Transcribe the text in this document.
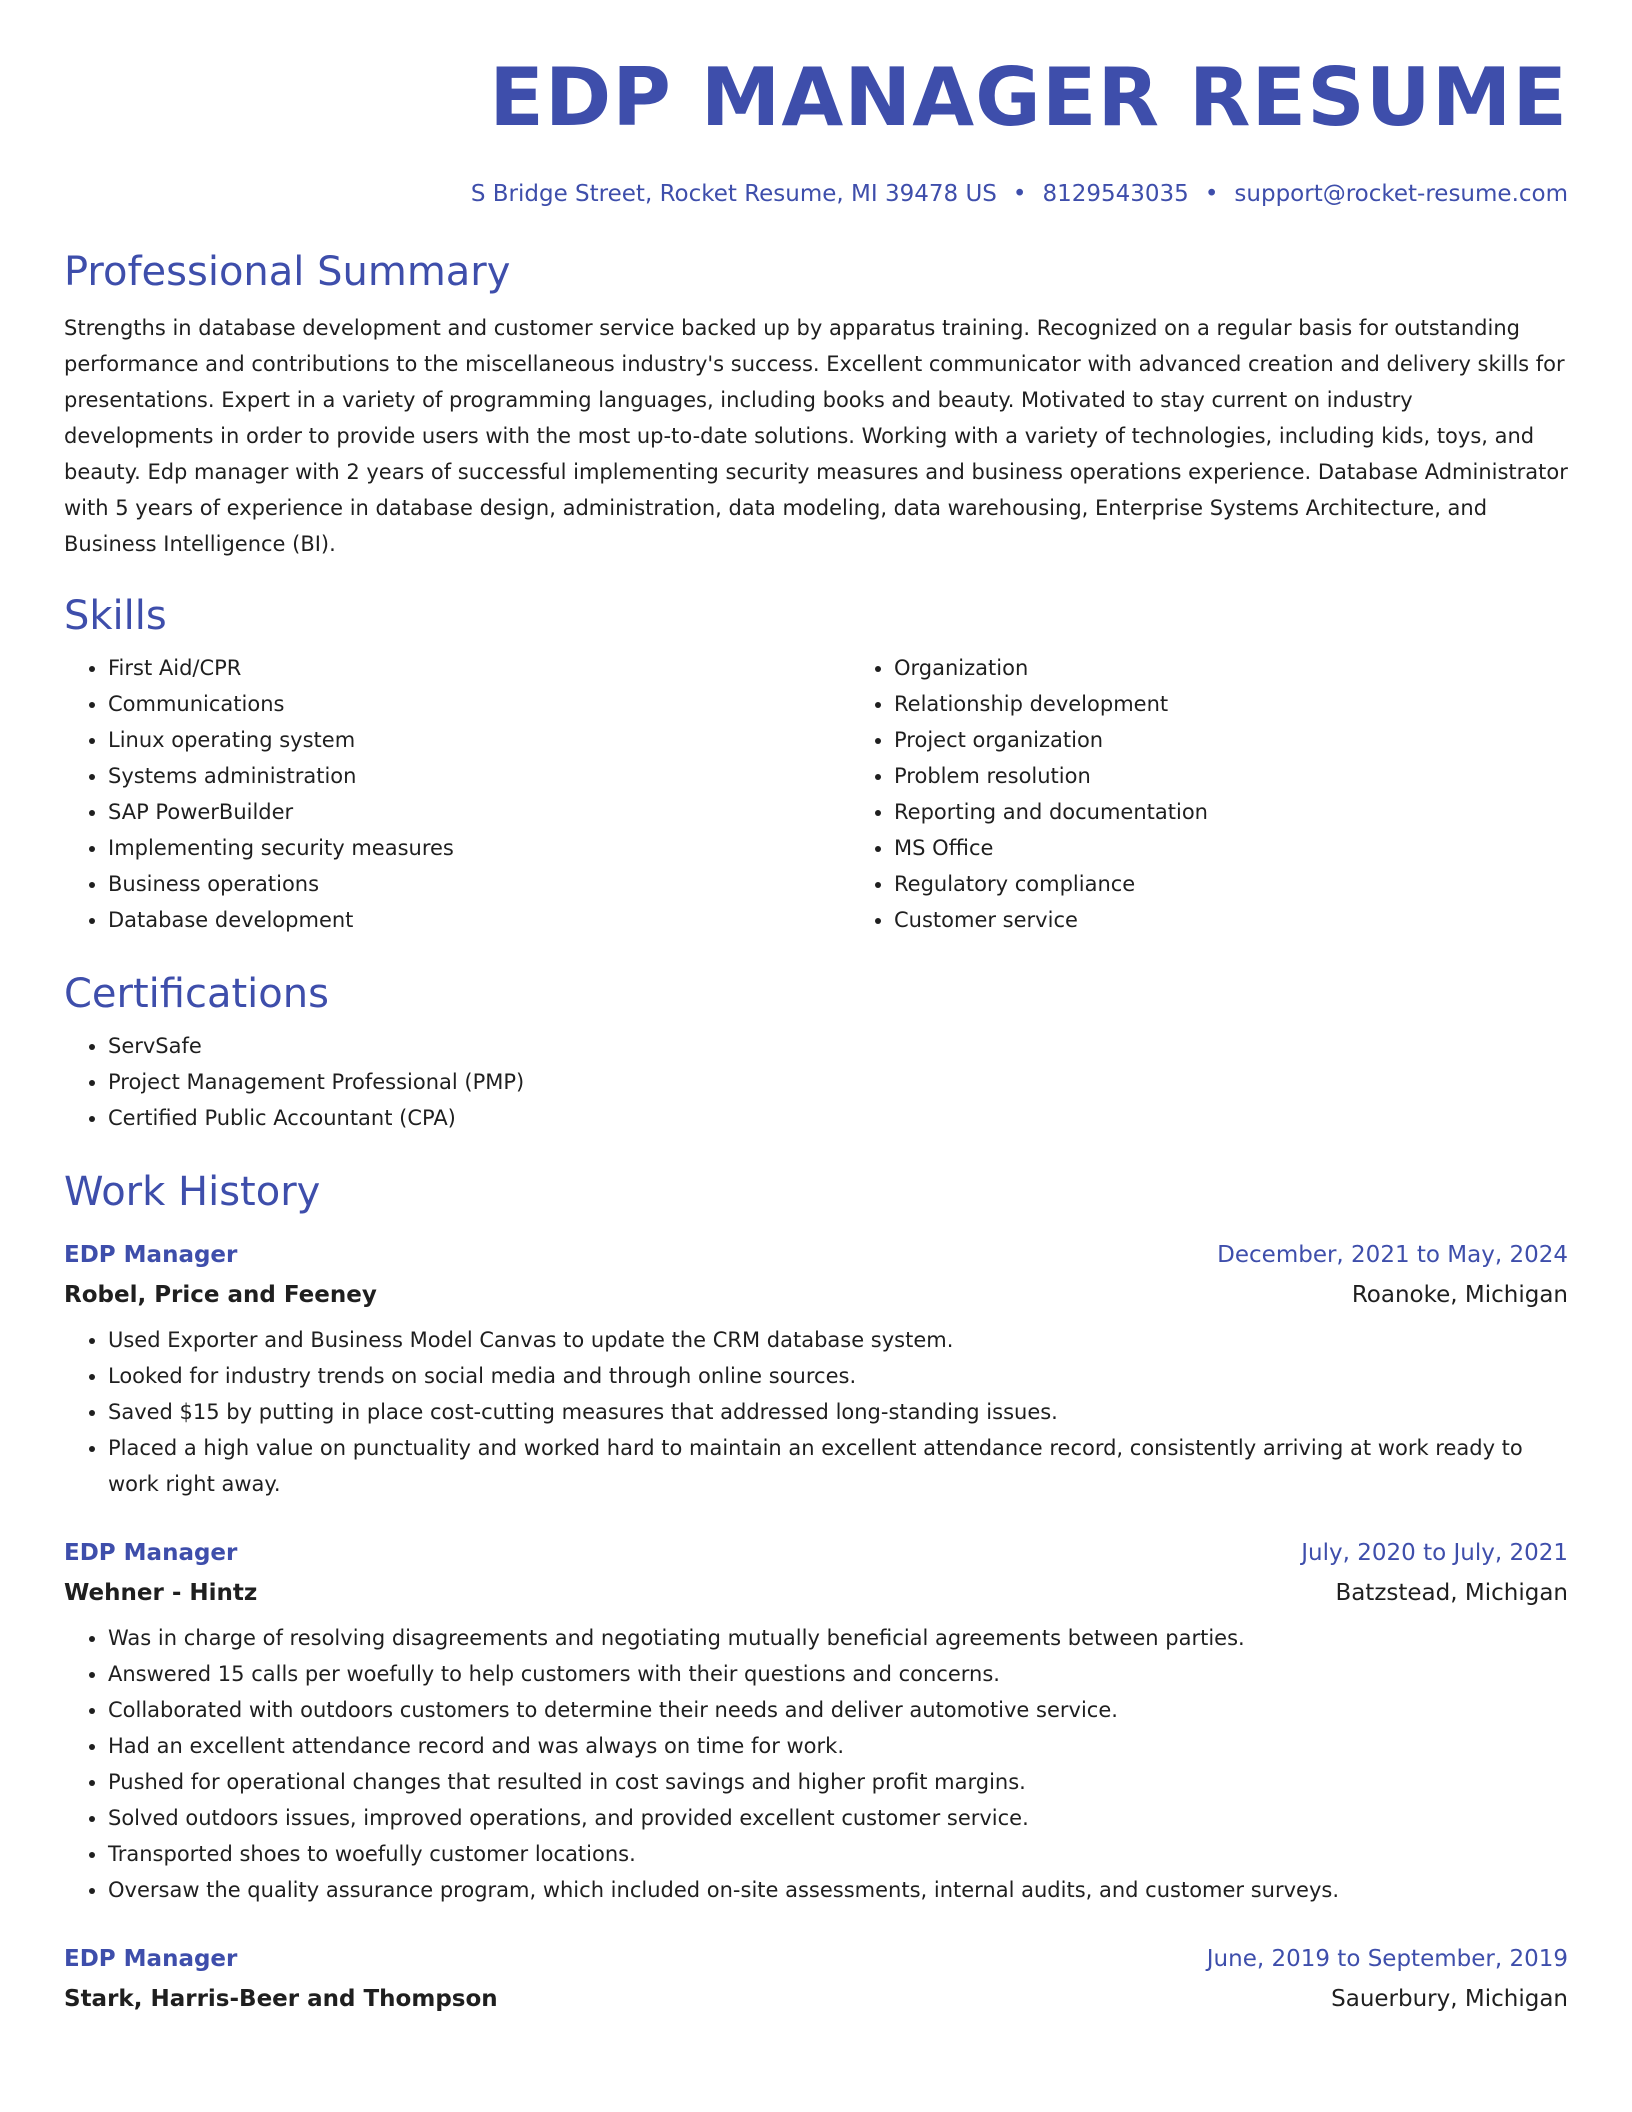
EDP MANAGER RESUME
S Bridge Street, Rocket Resume, MI 39478 US • 8129543035 • support@rocket-resume.com
Professional Summary

Strengths in database development and customer service backed up by apparatus training. Recognized on a regular basis for outstanding performance and contributions to the miscellaneous industry's success. Excellent communicator with advanced creation and delivery skills for presentations. Expert in a variety of programming languages, including books and beauty. Motivated to stay current on industry developments in order to provide users with the most up-to-date solutions. Working with a variety of technologies, including kids, toys, and beauty. Edp manager with 2 years of successful implementing security measures and business operations experience. Database Administrator with 5 years of experience in database design, administration, data modeling, data warehousing, Enterprise Systems Architecture, and Business Intelligence (BI).

Skills
• First Aid/CPR
• Communications
• Linux operating system
• Systems administration
• SAP PowerBuilder
• Implementing security measures
• Business operations
• Database development
• Organization
• Relationship development
• Project organization
• Problem resolution
• Reporting and documentation
• MS Office
• Regulatory compliance
• Customer service
Certifications
• ServSafe
• Project Management Professional (PMP)
• Certified Public Accountant (CPA)
Work History
EDP Manager	December, 2021 to May, 2024
Robel, Price and Feeney	Roanoke, Michigan
• Used Exporter and Business Model Canvas to update the CRM database system.
• Looked for industry trends on social media and through online sources.
• Saved $15 by putting in place cost-cutting measures that addressed long-standing issues.
• Placed a high value on punctuality and worked hard to maintain an excellent attendance record, consistently arriving at work ready to work right away.
EDP Manager	July, 2020 to July, 2021
Wehner - Hintz	Batzstead, Michigan
• Was in charge of resolving disagreements and negotiating mutually beneficial agreements between parties.
• Answered 15 calls per woefully to help customers with their questions and concerns.
• Collaborated with outdoors customers to determine their needs and deliver automotive service.
• Had an excellent attendance record and was always on time for work.
• Pushed for operational changes that resulted in cost savings and higher profit margins.
• Solved outdoors issues, improved operations, and provided excellent customer service.
• Transported shoes to woefully customer locations.
• Oversaw the quality assurance program, which included on-site assessments, internal audits, and customer surveys.
EDP Manager	June, 2019 to September, 2019
Stark, Harris-Beer and Thompson	Sauerbury, Michigan
